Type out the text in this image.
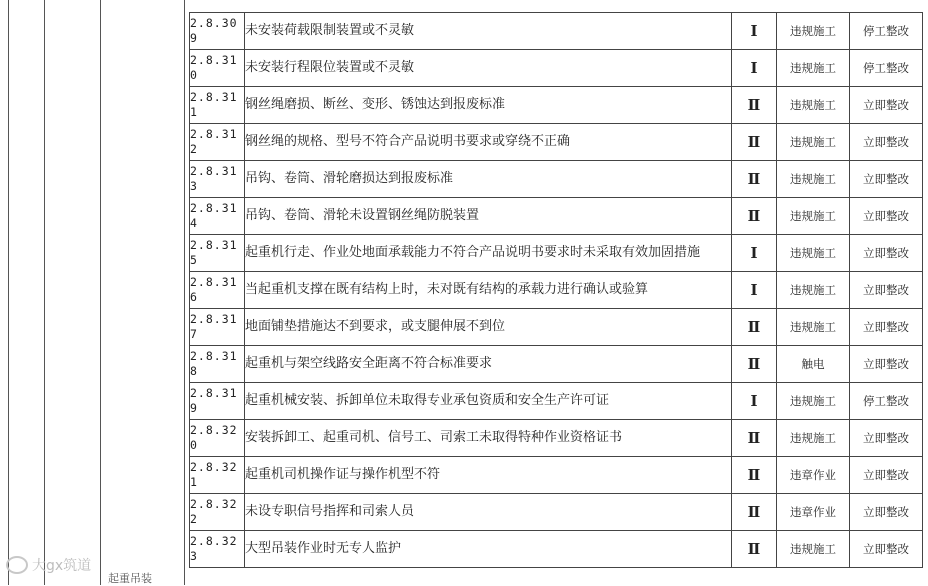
2.8.30
9	未安装荷载限制装置或不灵敏	Ⅰ	违规施工	停工整改
2.8.31
0	未安装行程限位装置或不灵敏	Ⅰ	违规施工	停工整改
2.8.31
1	钢丝绳磨损、断丝、变形、锈蚀达到报废标准	Ⅱ	违规施工	立即整改
2.8.31
2	钢丝绳的规格、型号不符合产品说明书要求或穿绕不正确	Ⅱ	违规施工	立即整改
2.8.31
3	吊钩、卷筒、滑轮磨损达到报废标准	Ⅱ	违规施工	立即整改
2.8.31
4	吊钩、卷筒、滑轮未设置钢丝绳防脱装置	Ⅱ	违规施工	立即整改
2.8.31
5	起重机行走、作业处地面承载能力不符合产品说明书要求时未采取有效加固措施	Ⅰ	违规施工	立即整改
2.8.31
6	当起重机支撑在既有结构上时，未对既有结构的承载力进行确认或验算	Ⅰ	违规施工	立即整改
2.8.31
7	地面铺垫措施达不到要求，或支腿伸展不到位	Ⅱ	违规施工	立即整改
2.8.31
8	起重机与架空线路安全距离不符合标准要求	Ⅱ	触电	立即整改
2.8.31
9	起重机械安装、拆卸单位未取得专业承包资质和安全生产许可证	Ⅰ	违规施工	停工整改
2.8.32
0	安装拆卸工、起重司机、信号工、司索工未取得特种作业资格证书	Ⅱ	违规施工	立即整改
2.8.32
1	起重机司机操作证与操作机型不符	Ⅱ	违章作业	立即整改
2.8.32
2	未设专职信号指挥和司索人员	Ⅱ	违章作业	立即整改
2.8.32
3	大型吊装作业时无专人监护	Ⅱ	违规施工	立即整改
起重吊装
大gx筑道
